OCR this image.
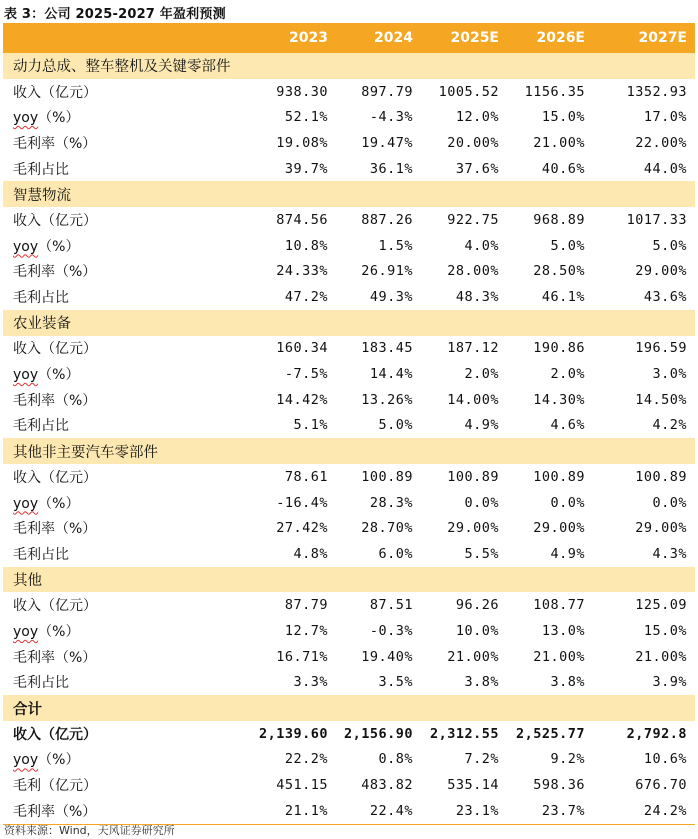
表 3：公司 2025-2027 年盈利预测
2023	2024	2025E	2026E	2027E
动力总成、整车整机及关键零部件
收入（亿元）	938.30	897.79	1005.52	1156.35	1352.93
yoy（%）	52.1%	-4.3%	12.0%	15.0%	17.0%
毛利率（%）	19.08%	19.47%	20.00%	21.00%	22.00%
毛利占比	39.7%	36.1%	37.6%	40.6%	44.0%
智慧物流
收入（亿元）	874.56	887.26	922.75	968.89	1017.33
yoy（%）	10.8%	1.5%	4.0%	5.0%	5.0%
毛利率（%）	24.33%	26.91%	28.00%	28.50%	29.00%
毛利占比	47.2%	49.3%	48.3%	46.1%	43.6%
农业装备
收入（亿元）	160.34	183.45	187.12	190.86	196.59
yoy（%）	-7.5%	14.4%	2.0%	2.0%	3.0%
毛利率（%）	14.42%	13.26%	14.00%	14.30%	14.50%
毛利占比	5.1%	5.0%	4.9%	4.6%	4.2%
其他非主要汽车零部件
收入（亿元）	78.61	100.89	100.89	100.89	100.89
yoy（%）	-16.4%	28.3%	0.0%	0.0%	0.0%
毛利率（%）	27.42%	28.70%	29.00%	29.00%	29.00%
毛利占比	4.8%	6.0%	5.5%	4.9%	4.3%
其他
收入（亿元）	87.79	87.51	96.26	108.77	125.09
yoy（%）	12.7%	-0.3%	10.0%	13.0%	15.0%
毛利率（%）	16.71%	19.40%	21.00%	21.00%	21.00%
毛利占比	3.3%	3.5%	3.8%	3.8%	3.9%
合计
收入（亿元）	2,139.60	2,156.90	2,312.55	2,525.77	2,792.8
yoy（%）	22.2%	0.8%	7.2%	9.2%	10.6%
毛利（亿元）	451.15	483.82	535.14	598.36	676.70
毛利率（%）	21.1%	22.4%	23.1%	23.7%	24.2%
资料来源：Wind，天风证券研究所
